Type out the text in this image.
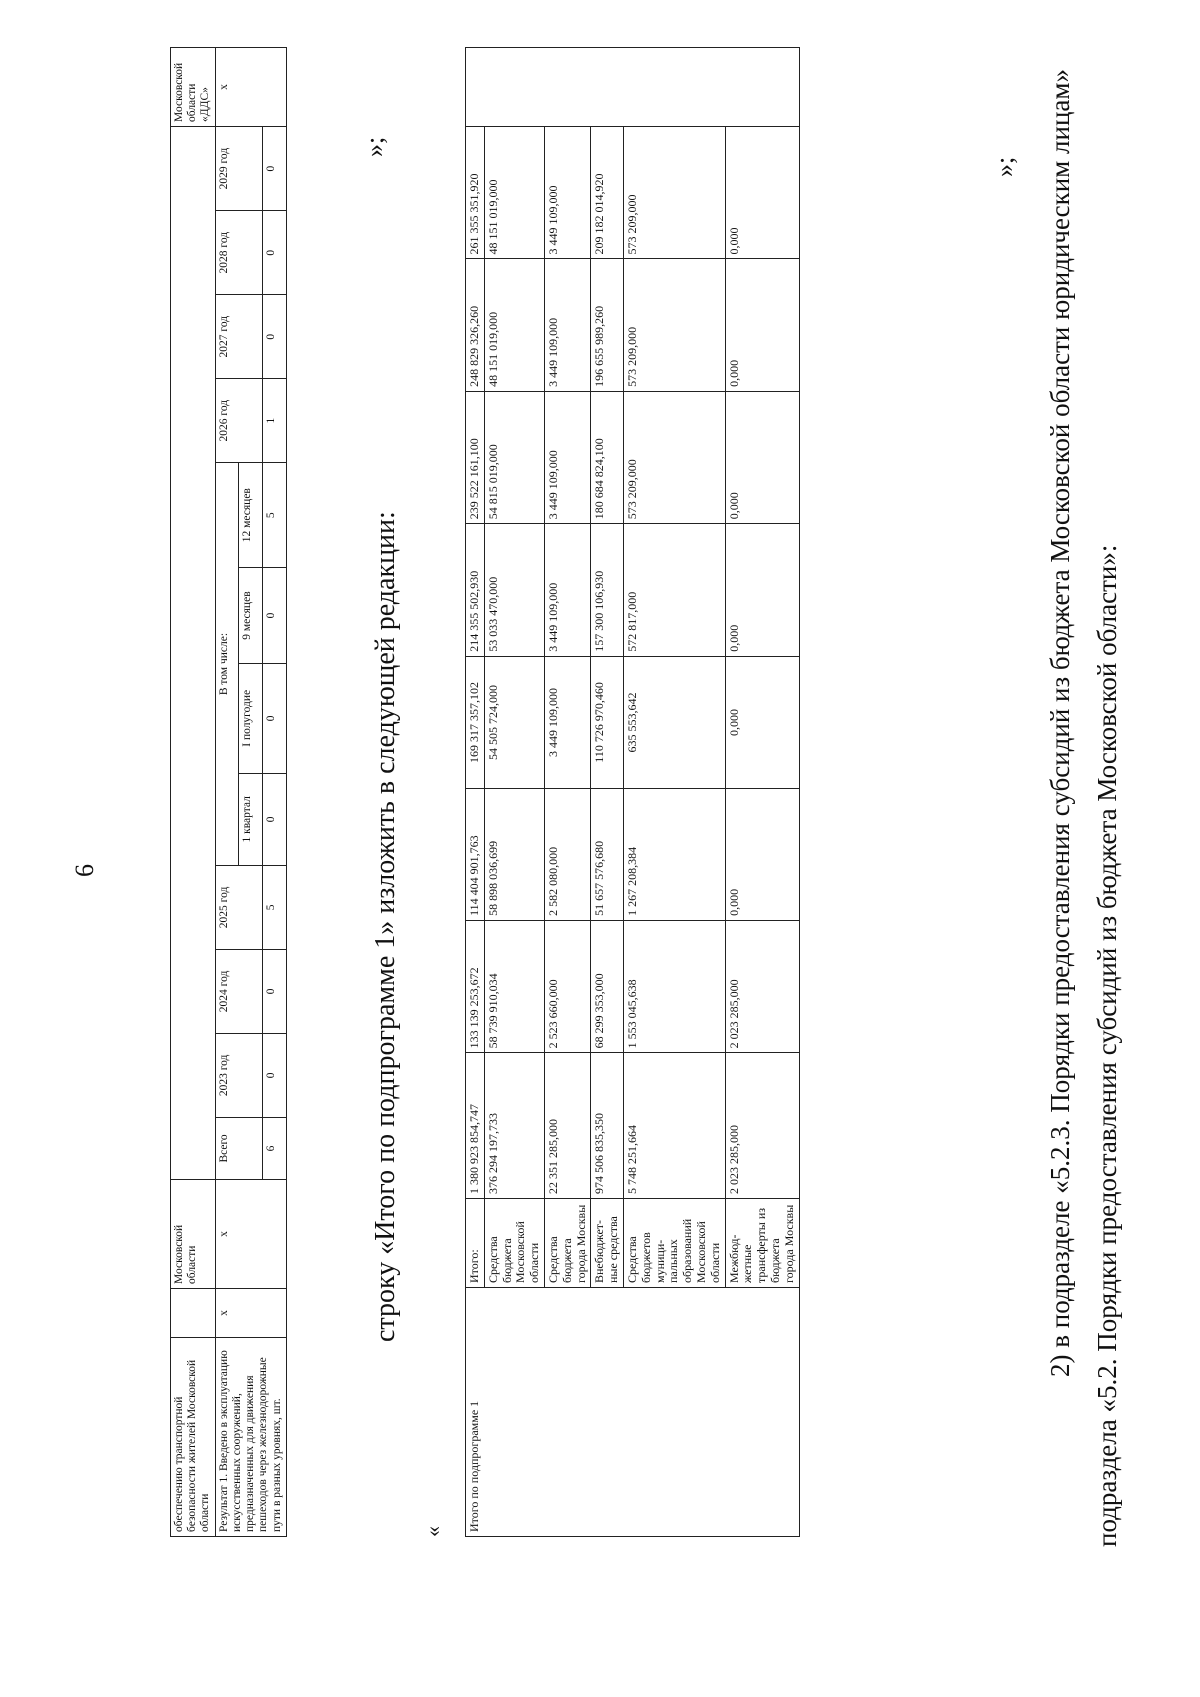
6
обеспечению транспортной безопасности жителей Московской области		Московской области													Московской области «ДДС»
Результат 1. Введено в эксплуатацию искусственных сооружений, предназначенных для движения пешеходов через железнодорожные пути в разных уровнях, шт.	х	х	Всего	2023 год	2024 год	2025 год	В том числе:				2026 год	2027 год	2028 год	2029 год	х
							1 квартал	I полугодие	9 месяцев	12 месяцев					
			6	0	0	5	0	0	0	5	1	0	0	0	
строку «Итого по подпрограмме 1» изложить в следующей редакции:
«
»;
Итого по подпрограмме 1	Итого:	1 380 923 854,747	133 139 253,672	114 404 901,763	169 317 357,102	214 355 502,930	239 522 161,100	248 829 326,260	261 355 351,920	
	Средства бюджета Московской области	376 294 197,733	58 739 910,034	58 898 036,699	54 505 724,000	53 033 470,000	54 815 019,000	48 151 019,000	48 151 019,000	
	Средства бюджета города Москвы	22 351 285,000	2 523 660,000	2 582 080,000	3 449 109,000	3 449 109,000	3 449 109,000	3 449 109,000	3 449 109,000	
	Внебюджет-ные средства	974 506 835,350	68 299 353,000	51 657 576,680	110 726 970,460	157 300 106,930	180 684 824,100	196 655 989,260	209 182 014,920	
	Средства бюджетов муници-пальных образований Московской области	5 748 251,664	1 553 045,638	1 267 208,384	635 553,642	572 817,000	573 209,000	573 209,000	573 209,000	
	Межбюд-жетные трансферты из бюджета города Москвы	2 023 285,000	2 023 285,000	0,000	0,000	0,000	0,000	0,000	0,000	
»; 2) в подразделе «5.2.3. Порядки предоставления субсидий из бюджета Московской области юридическим лицам» подраздела «5.2. Порядки предоставления субсидий из бюджета Московской области»:
